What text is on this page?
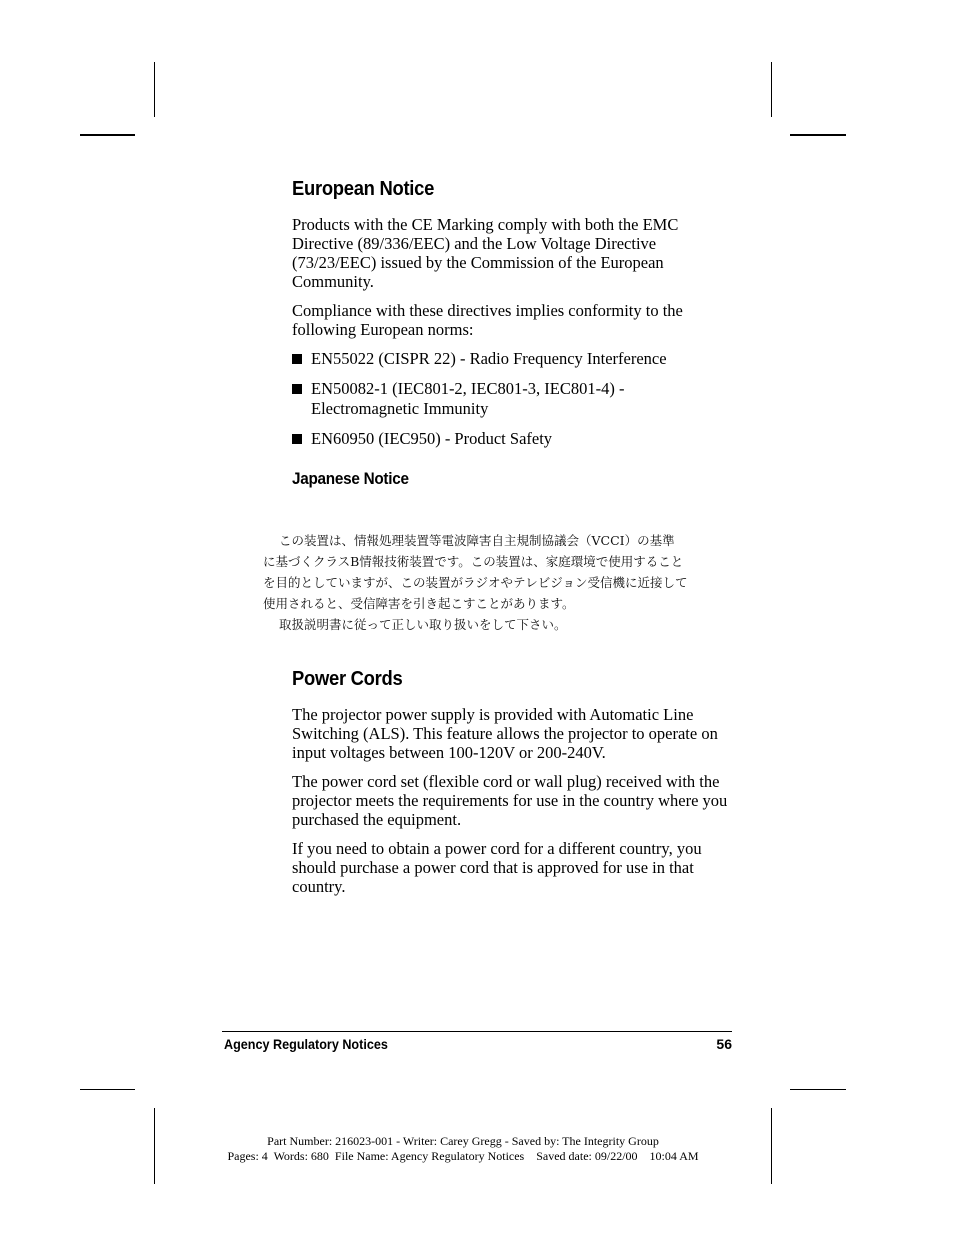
European Notice

Products with the CE Marking comply with both the EMC Directive (89/336/EEC) and the Low Voltage Directive (73/23/EEC) issued by the Commission of the European Community.

Compliance with these directives implies conformity to the following European norms:

EN55022 (CISPR 22) - Radio Frequency Interference
EN50082-1 (IEC801-2, IEC801-3, IEC801-4) - Electromagnetic Immunity
EN60950 (IEC950) - Product Safety
Japanese Notice
この装置は、情報処理装置等電波障害自主規制協議会（VCCI）の基準
に基づくクラスB情報技術装置です。この装置は、家庭環境で使用すること
を目的としていますが、この装置がラジオやテレビジョン受信機に近接して
使用されると、受信障害を引き起こすことがあります。
取扱説明書に従って正しい取り扱いをして下さい。
Power Cords

The projector power supply is provided with Automatic Line Switching (ALS). This feature allows the projector to operate on input voltages between 100-120V or 200-240V.

The power cord set (flexible cord or wall plug) received with the projector meets the requirements for use in the country where you purchased the equipment.

If you need to obtain a power cord for a different country, you should purchase a power cord that is approved for use in that country.

Agency Regulatory Notices	56
Part Number: 216023-001 - Writer: Carey Gregg - Saved by: The Integrity Group
Pages: 4  Words: 680  File Name: Agency Regulatory Notices    Saved date: 09/22/00    10:04 AM
